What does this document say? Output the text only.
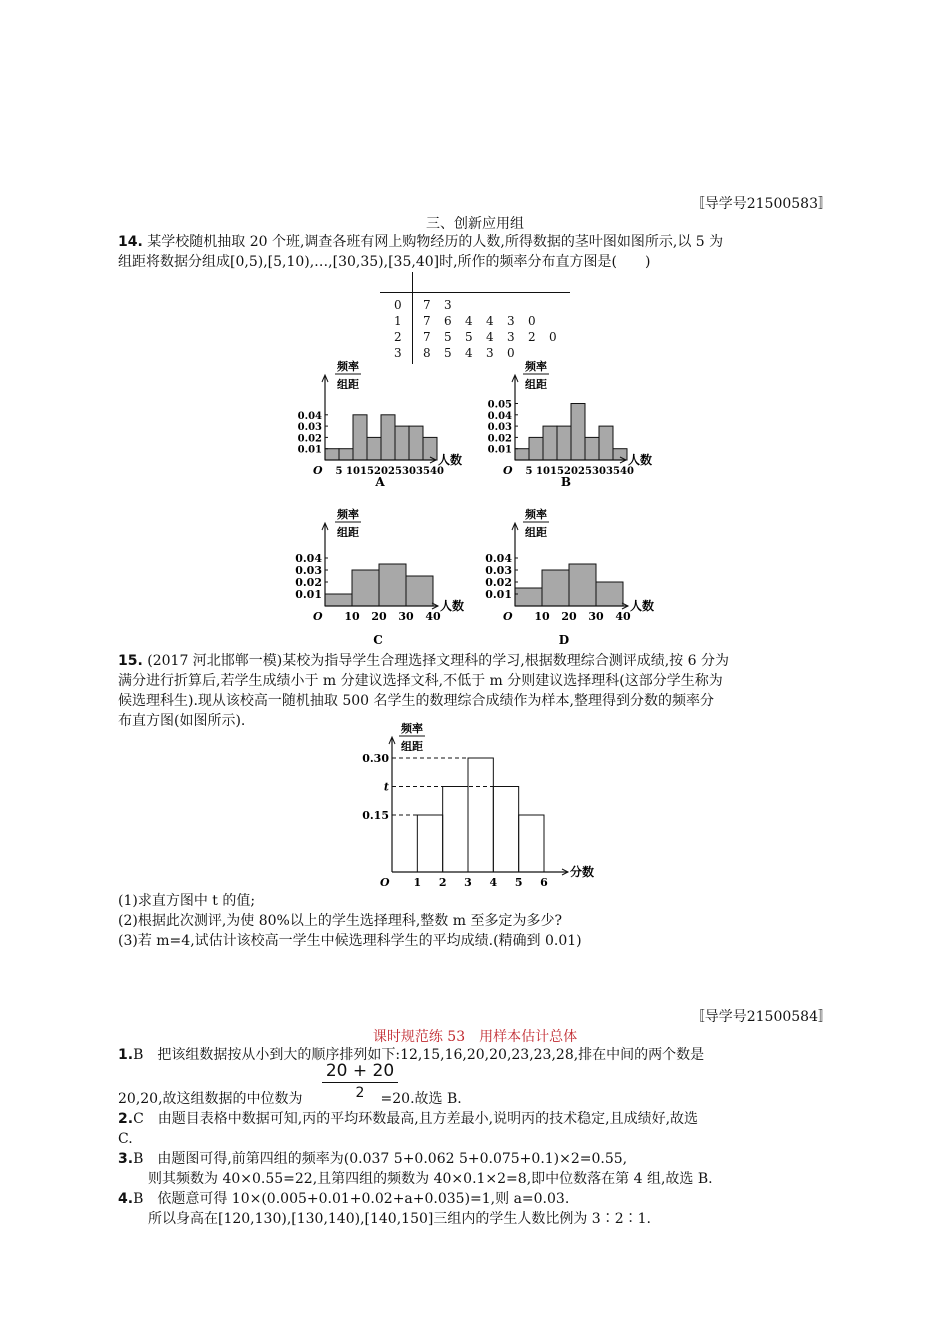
〚导学号21500583〛
三、创新应用组
14. 某学校随机抽取 20 个班,调查各班有网上购物经历的人数,所得数据的茎叶图如图所示,以 5 为
组距将数据分组成[0,5),[5,10),…,[30,35),[35,40]时,所作的频率分布直方图是(　　)
0 7 3
1 7 6 4 4 3 0
2 7 5 5 4 3 2 0
3 8 5 4 3 0
频率
组距
O
0.01
0.02
0.03
0.04
5 10 15 20 25 30 35 40
人数
A
频率
组距
O
0.01
0.02
0.03
0.04
0.05
5 10 15 20 25 30 35 40
人数
B
频率
组距
O
0.01
0.02
0.03
0.04
10 20 30 40
人数
C
频率
组距
O
0.01
0.02
0.03
0.04
10 20 30 40
人数
D
15. (2017 河北邯郸一模)某校为指导学生合理选择文理科的学习,根据数理综合测评成绩,按 6 分为
满分进行折算后,若学生成绩小于 m 分建议选择文科,不低于 m 分则建议选择理科(这部分学生称为
候选理科生).现从该校高一随机抽取 500 名学生的数理综合成绩作为样本,整理得到分数的频率分
布直方图(如图所示).	频率
组距
O
0.15
t
0.30
1 2 3 4 5 6
分数
(1)求直方图中 t 的值;
(2)根据此次测评,为使 80%以上的学生选择理科,整数 m 至多定为多少?
(3)若 m=4,试估计该校高一学生中候选理科学生的平均成绩.(精确到 0.01)
〚导学号21500584〛
课时规范练 53　用样本估计总体
1.B　把该组数据按从小到大的顺序排列如下:12,15,16,20,20,23,23,28,排在中间的两个数是
20 + 20
2
20,20,故这组数据的中位数为	=20.故选 B.
2.C　由题目表格中数据可知,丙的平均环数最高,且方差最小,说明丙的技术稳定,且成绩好,故选
C.
3.B　由题图可得,前第四组的频率为(0.037 5+0.062 5+0.075+0.1)×2=0.55,
则其频数为 40×0.55=22,且第四组的频数为 40×0.1×2=8,即中位数落在第 4 组,故选 B.
4.B　依题意可得 10×(0.005+0.01+0.02+a+0.035)=1,则 a=0.03.
所以身高在[120,130),[130,140),[140,150]三组内的学生人数比例为 3∶2∶1.
